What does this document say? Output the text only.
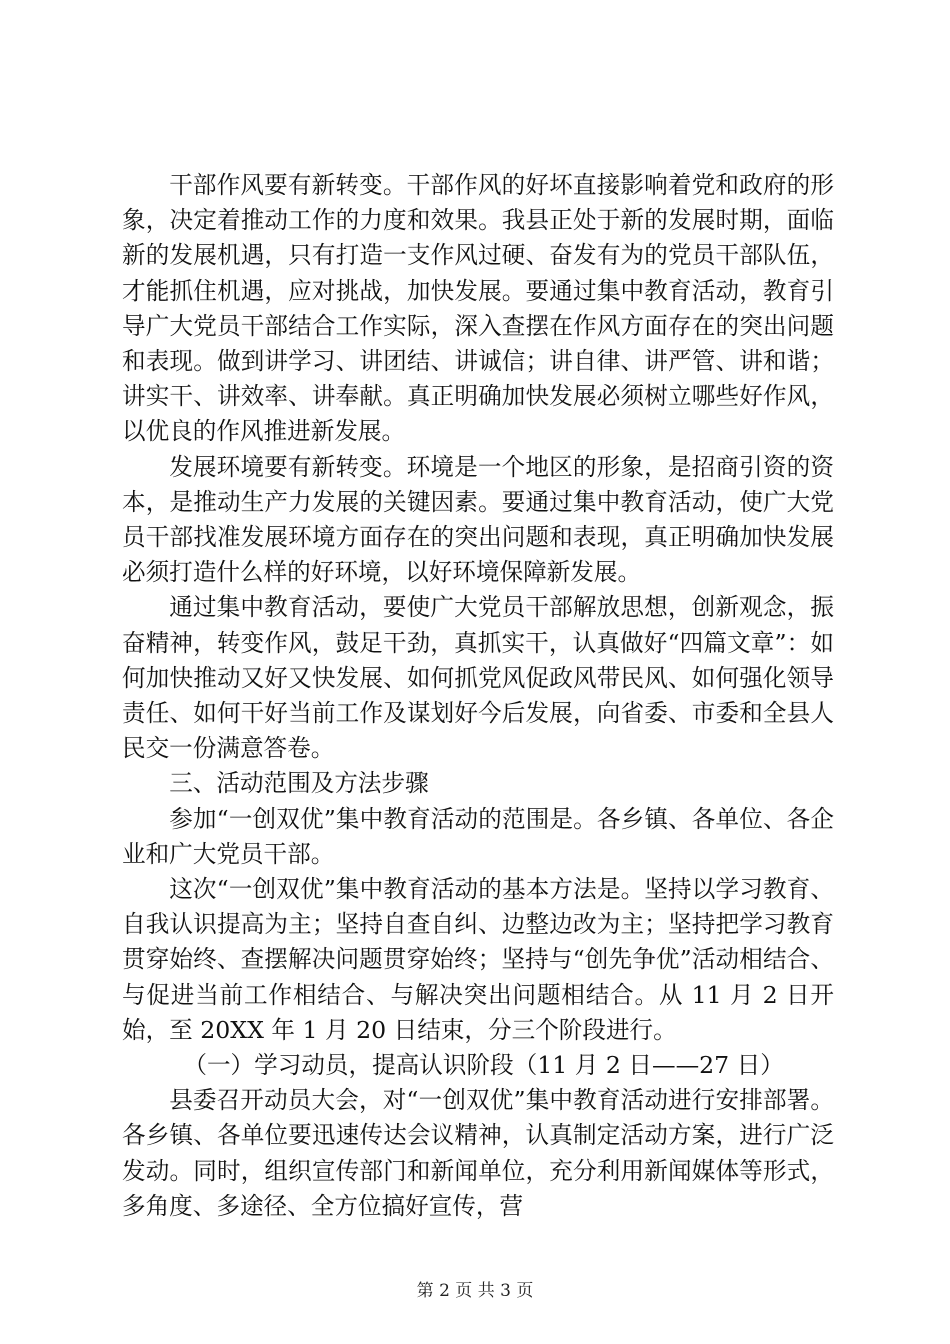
干部作风要有新转变。干部作风的好坏直接影响着党和政府的形象，决定着推动工作的力度和效果。我县正处于新的发展时期，面临新的发展机遇，只有打造一支作风过硬、奋发有为的党员干部队伍，才能抓住机遇，应对挑战，加快发展。要通过集中教育活动，教育引导广大党员干部结合工作实际，深入查摆在作风方面存在的突出问题和表现。做到讲学习、讲团结、讲诚信；讲自律、讲严管、讲和谐；讲实干、讲效率、讲奉献。真正明确加快发展必须树立哪些好作风，以优良的作风推进新发展。

发展环境要有新转变。环境是一个地区的形象，是招商引资的资本，是推动生产力发展的关键因素。要通过集中教育活动，使广大党员干部找准发展环境方面存在的突出问题和表现，真正明确加快发展必须打造什么样的好环境，以好环境保障新发展。

通过集中教育活动，要使广大党员干部解放思想，创新观念，振奋精神，转变作风，鼓足干劲，真抓实干，认真做好“四篇文章”：如何加快推动又好又快发展、如何抓党风促政风带民风、如何强化领导责任、如何干好当前工作及谋划好今后发展，向省委、市委和全县人民交一份满意答卷。

三、活动范围及方法步骤

参加“一创双优”集中教育活动的范围是。各乡镇、各单位、各企业和广大党员干部。

这次“一创双优”集中教育活动的基本方法是。坚持以学习教育、自我认识提高为主；坚持自查自纠、边整边改为主；坚持把学习教育贯穿始终、查摆解决问题贯穿始终；坚持与“创先争优”活动相结合、与促进当前工作相结合、与解决突出问题相结合。从 11 月 2 日开始，至 20XX 年 1 月 20 日结束，分三个阶段进行。

（一）学习动员，提高认识阶段（11 月 2 日——27 日）

县委召开动员大会，对“一创双优”集中教育活动进行安排部署。各乡镇、各单位要迅速传达会议精神，认真制定活动方案，进行广泛发动。同时，组织宣传部门和新闻单位，充分利用新闻媒体等形式，多角度、多途径、全方位搞好宣传，营

第 2 页 共 3 页
